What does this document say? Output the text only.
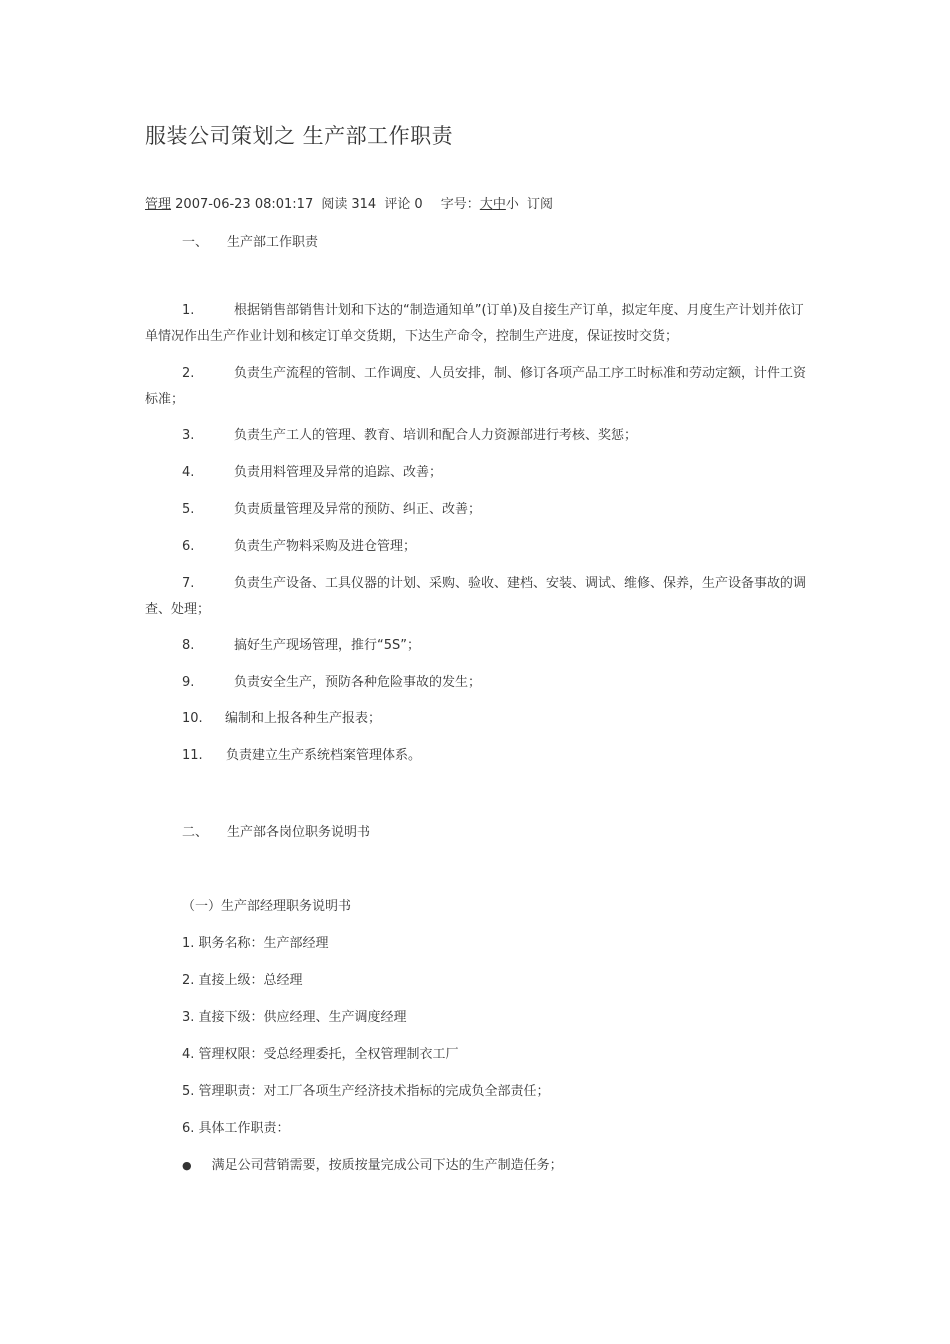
服装公司策划之 生产部工作职责
管理 2007-06-23 08:01:17 阅读 314 评论 0 字号：大中小 订阅
一、 生产部工作职责
1.	根据销售部销售计划和下达的“制造通知单”(订单)及自接生产订单，拟定年度、月度生产计划并依订单情况作出生产作业计划和核定订单交货期，下达生产命令，控制生产进度，保证按时交货；
2.	负责生产流程的管制、工作调度、人员安排，制、修订各项产品工序工时标准和劳动定额，计件工资标准；
3.	负责生产工人的管理、教育、培训和配合人力资源部进行考核、奖惩；
4.	负责用料管理及异常的追踪、改善；
5.	负责质量管理及异常的预防、纠正、改善；
6.	负责生产物料采购及进仓管理；
7.	负责生产设备、工具仪器的计划、采购、验收、建档、安装、调试、维修、保养，生产设备事故的调查、处理；
8.	搞好生产现场管理，推行“5S”；
9.	负责安全生产，预防各种危险事故的发生；
10. 编制和上报各种生产报表；
11. 负责建立生产系统档案管理体系。
二、 生产部各岗位职务说明书
（一）生产部经理职务说明书
1. 职务名称：生产部经理
2. 直接上级：总经理
3. 直接下级：供应经理、生产调度经理
4. 管理权限：受总经理委托，全权管理制衣工厂
5. 管理职责：对工厂各项生产经济技术指标的完成负全部责任；
6. 具体工作职责：
● 满足公司营销需要，按质按量完成公司下达的生产制造任务；
